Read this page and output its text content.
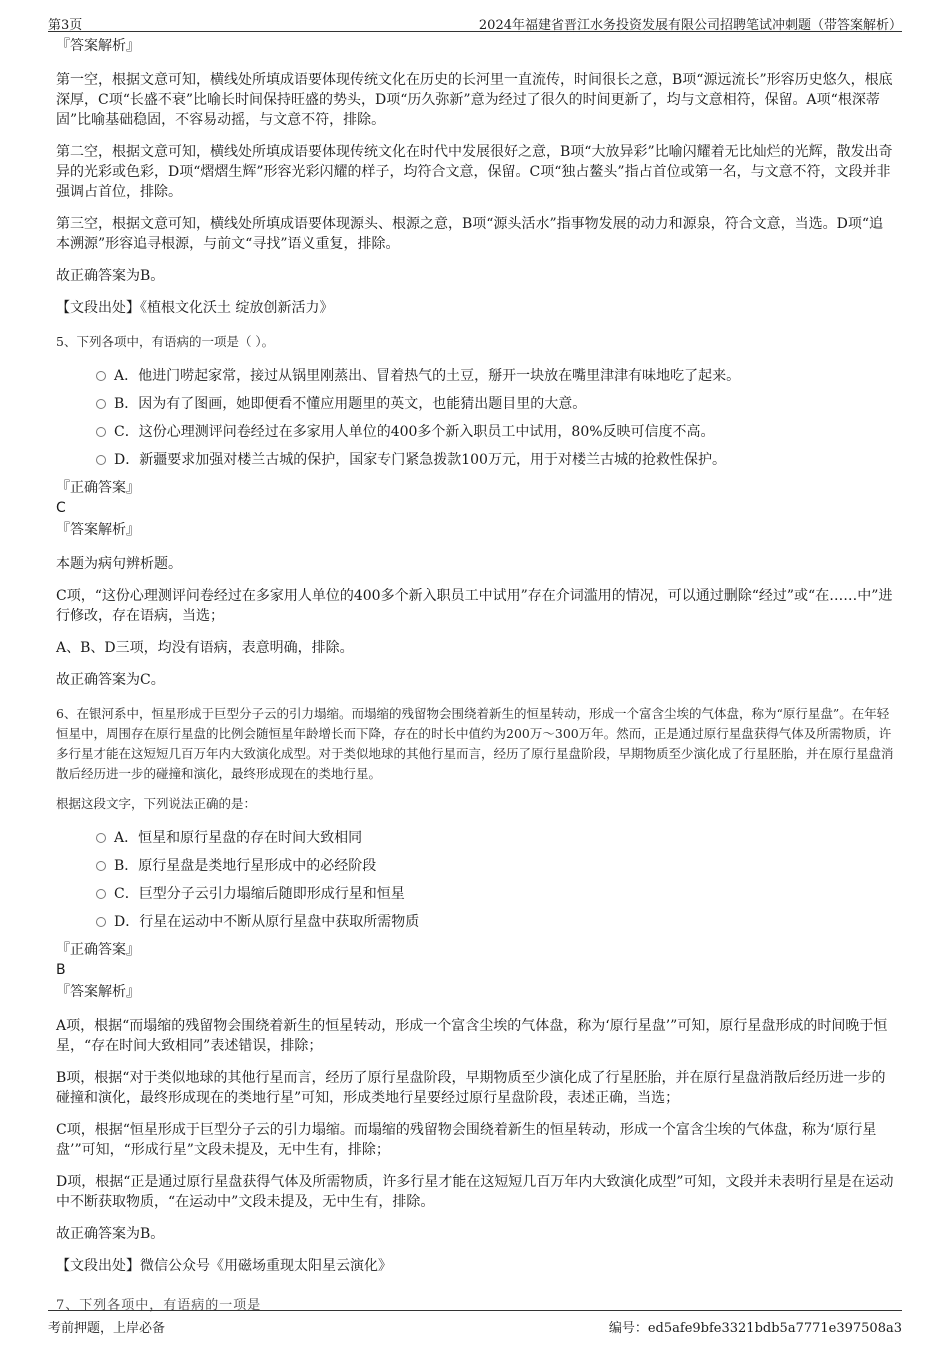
第3页	2024年福建省晋江水务投资发展有限公司招聘笔试冲刺题（带答案解析）
『答案解析』
第一空，根据文意可知，横线处所填成语要体现传统文化在历史的长河里一直流传，时间很长之意，B项“源远流长”形容历史悠久，根底深厚，C项“长盛不衰”比喻长时间保持旺盛的势头，D项“历久弥新”意为经过了很久的时间更新了，均与文意相符，保留。A项“根深蒂固”比喻基础稳固，不容易动摇，与文意不符，排除。
第二空，根据文意可知，横线处所填成语要体现传统文化在时代中发展很好之意，B项“大放异彩”比喻闪耀着无比灿烂的光辉，散发出奇异的光彩或色彩，D项“熠熠生辉”形容光彩闪耀的样子，均符合文意，保留。C项“独占鳌头”指占首位或第一名，与文意不符，文段并非强调占首位，排除。
第三空，根据文意可知，横线处所填成语要体现源头、根源之意，B项“源头活水”指事物发展的动力和源泉，符合文意，当选。D项“追本溯源”形容追寻根源，与前文“寻找”语义重复，排除。
故正确答案为B。
【文段出处】《植根文化沃土 绽放创新活力》
5、下列各项中，有语病的一项是（ ）。
A．他进门唠起家常，接过从锅里刚蒸出、冒着热气的土豆，掰开一块放在嘴里津津有味地吃了起来。
B．因为有了图画，她即便看不懂应用题里的英文，也能猜出题目里的大意。
C．这份心理测评问卷经过在多家用人单位的400多个新入职员工中试用，80%反映可信度不高。
D．新疆要求加强对楼兰古城的保护，国家专门紧急拨款100万元，用于对楼兰古城的抢救性保护。
『正确答案』
C
『答案解析』
本题为病句辨析题。
C项，“这份心理测评问卷经过在多家用人单位的400多个新入职员工中试用”存在介词滥用的情况，可以通过删除“经过”或“在……中”进行修改，存在语病，当选；
A、B、D三项，均没有语病，表意明确，排除。
故正确答案为C。
6、在银河系中，恒星形成于巨型分子云的引力塌缩。而塌缩的残留物会围绕着新生的恒星转动，形成一个富含尘埃的气体盘，称为“原行星盘”。在年轻恒星中，周围存在原行星盘的比例会随恒星年龄增长而下降，存在的时长中值约为200万～300万年。然而，正是通过原行星盘获得气体及所需物质，许多行星才能在这短短几百万年内大致演化成型。对于类似地球的其他行星而言，经历了原行星盘阶段，早期物质至少演化成了行星胚胎，并在原行星盘消散后经历进一步的碰撞和演化，最终形成现在的类地行星。
根据这段文字，下列说法正确的是：
A．恒星和原行星盘的存在时间大致相同
B．原行星盘是类地行星形成中的必经阶段
C．巨型分子云引力塌缩后随即形成行星和恒星
D．行星在运动中不断从原行星盘中获取所需物质
『正确答案』
B
『答案解析』
A项，根据“而塌缩的残留物会围绕着新生的恒星转动，形成一个富含尘埃的气体盘，称为‘原行星盘’”可知，原行星盘形成的时间晚于恒星，“存在时间大致相同”表述错误，排除；
B项，根据“对于类似地球的其他行星而言，经历了原行星盘阶段，早期物质至少演化成了行星胚胎，并在原行星盘消散后经历进一步的碰撞和演化，最终形成现在的类地行星”可知，形成类地行星要经过原行星盘阶段，表述正确，当选；
C项，根据“恒星形成于巨型分子云的引力塌缩。而塌缩的残留物会围绕着新生的恒星转动，形成一个富含尘埃的气体盘，称为‘原行星盘’”可知，“形成行星”文段未提及，无中生有，排除；
D项，根据“正是通过原行星盘获得气体及所需物质，许多行星才能在这短短几百万年内大致演化成型”可知，文段并未表明行星是在运动中不断获取物质，“在运动中”文段未提及，无中生有，排除。
故正确答案为B。
【文段出处】微信公众号《用磁场重现太阳星云演化》
7、下列各项中，有语病的一项是
考前押题，上岸必备	编号：ed5afe9bfe3321bdb5a7771e397508a3
